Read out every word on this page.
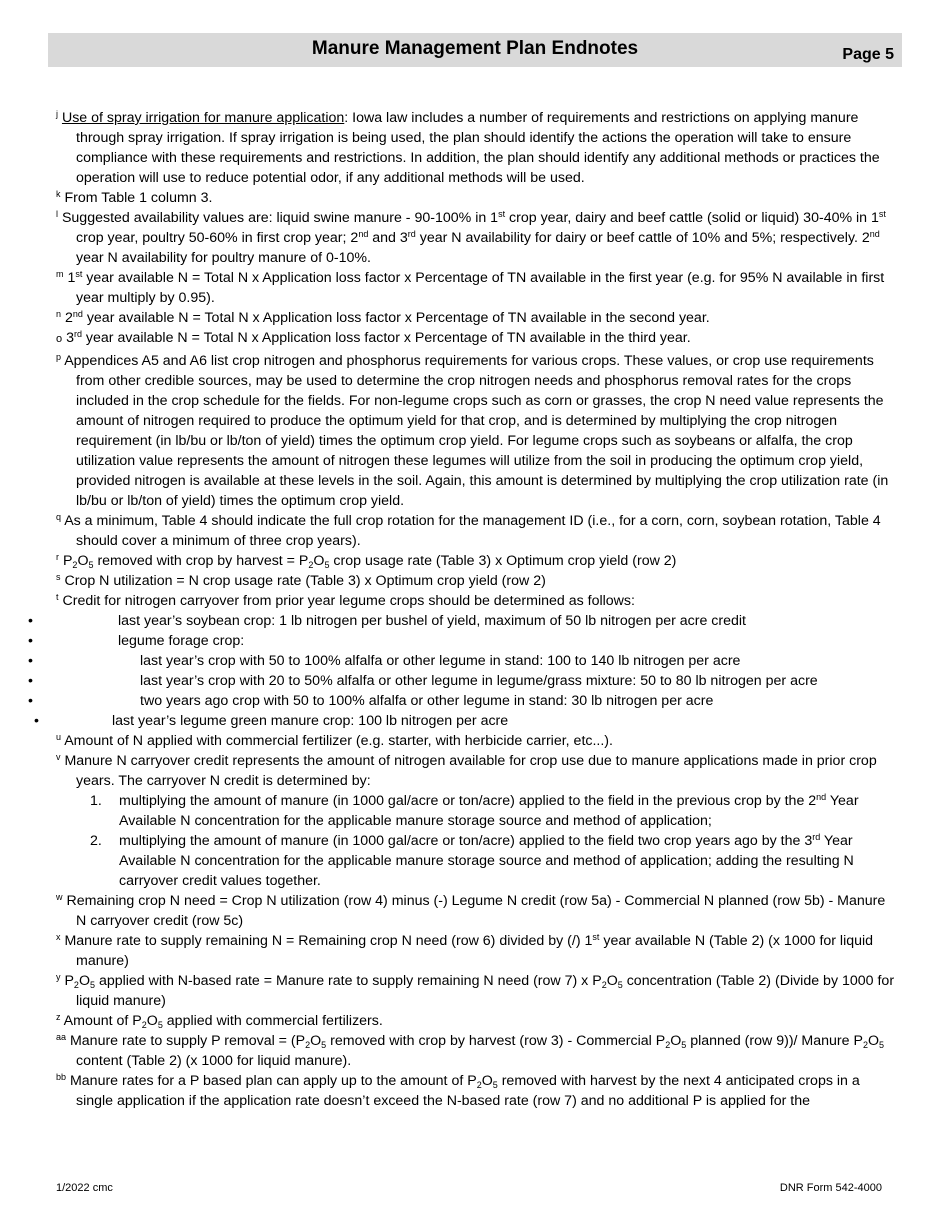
Manure Management Plan Endnotes	Page 5

$^j$ Use of spray irrigation for manure application: Iowa law includes a number of requirements and restrictions on applying manure through spray irrigation. If spray irrigation is being used, the plan should identify the actions the operation will take to ensure compliance with these requirements and restrictions. In addition, the plan should identify any additional methods or practices the operation will use to reduce potential odor, if any additional methods will be used.

$^k$ From Table 1 column 3.

$^l$ Suggested availability values are: liquid swine manure - 90-100% in 1st crop year, dairy and beef cattle (solid or liquid) 30-40% in 1st crop year, poultry 50-60% in first crop year; 2nd and 3rd year N availability for dairy or beef cattle of 10% and 5%; respectively. 2nd year N availability for poultry manure of 0-10%.

$^m$ 1st year available N = Total N x Application loss factor x Percentage of TN available in the first year (e.g. for 95% N available in first year multiply by 0.95).

$^n$ 2nd year available N = Total N x Application loss factor x Percentage of TN available in the second year.

o 3rd year available N = Total N x Application loss factor x Percentage of TN available in the third year.

$^p$ Appendices A5 and A6 list crop nitrogen and phosphorus requirements for various crops. These values, or crop use requirements from other credible sources, may be used to determine the crop nitrogen needs and phosphorus removal rates for the crops included in the crop schedule for the fields. For non-legume crops such as corn or grasses, the crop N need value represents the amount of nitrogen required to produce the optimum yield for that crop, and is determined by multiplying the crop nitrogen requirement (in lb/bu or lb/ton of yield) times the optimum crop yield. For legume crops such as soybeans or alfalfa, the crop utilization value represents the amount of nitrogen these legumes will utilize from the soil in producing the optimum crop yield, provided nitrogen is available at these levels in the soil. Again, this amount is determined by multiplying the crop utilization rate (in lb/bu or lb/ton of yield) times the optimum crop yield.

$^q$ As a minimum, Table 4 should indicate the full crop rotation for the management ID (i.e., for a corn, corn, soybean rotation, Table 4 should cover a minimum of three crop years).

$^r$ $P_2O_5$ removed with crop by harvest = $P_2O_5$ crop usage rate (Table 3) x Optimum crop yield (row 2)

$^s$ Crop N utilization = N crop usage rate (Table 3) x Optimum crop yield (row 2)

$^t$ Credit for nitrogen carryover from prior year legume crops should be determined as follows:

•	last year’s soybean crop: 1 lb nitrogen per bushel of yield, maximum of 50 lb nitrogen per acre credit
•	legume forage crop:
•	last year’s crop with 50 to 100% alfalfa or other legume in stand: 100 to 140 lb nitrogen per acre
•	last year’s crop with 20 to 50% alfalfa or other legume in legume/grass mixture: 50 to 80 lb nitrogen per acre
•	two years ago crop with 50 to 100% alfalfa or other legume in stand: 30 lb nitrogen per acre
•	last year’s legume green manure crop: 100 lb nitrogen per acre

$^u$ Amount of N applied with commercial fertilizer (e.g. starter, with herbicide carrier, etc...).

$^v$ Manure N carryover credit represents the amount of nitrogen available for crop use due to manure applications made in prior crop years. The carryover N credit is determined by:

1. multiplying the amount of manure (in 1000 gal/acre or ton/acre) applied to the field in the previous crop by the 2nd Year Available N concentration for the applicable manure storage source and method of application;
2. multiplying the amount of manure (in 1000 gal/acre or ton/acre) applied to the field two crop years ago by the 3rd Year Available N concentration for the applicable manure storage source and method of application; adding the resulting N carryover credit values together.

$^w$ Remaining crop N need = Crop N utilization (row 4) minus (-) Legume N credit (row 5a) - Commercial N planned (row 5b) - Manure N carryover credit (row 5c)

$^x$ Manure rate to supply remaining N = Remaining crop N need (row 6) divided by (/) 1st year available N (Table 2) (x 1000 for liquid manure)

$^y$ $P_2O_5$ applied with N-based rate = Manure rate to supply remaining N need (row 7) x $P_2O_5$ concentration (Table 2) (Divide by 1000 for liquid manure)

$^z$ Amount of $P_2O_5$ applied with commercial fertilizers.

$^{aa}$ Manure rate to supply P removal = ($P_2O_5$ removed with crop by harvest (row 3) - Commercial $P_2O_5$ planned (row 9))/ Manure $P_2O_5$ content (Table 2) (x 1000 for liquid manure).

$^{bb}$ Manure rates for a P based plan can apply up to the amount of $P_2O_5$ removed with harvest by the next 4 anticipated crops in a single application if the application rate doesn’t exceed the N-based rate (row 7) and no additional P is applied for the

1/2022 cmc	DNR Form 542-4000
